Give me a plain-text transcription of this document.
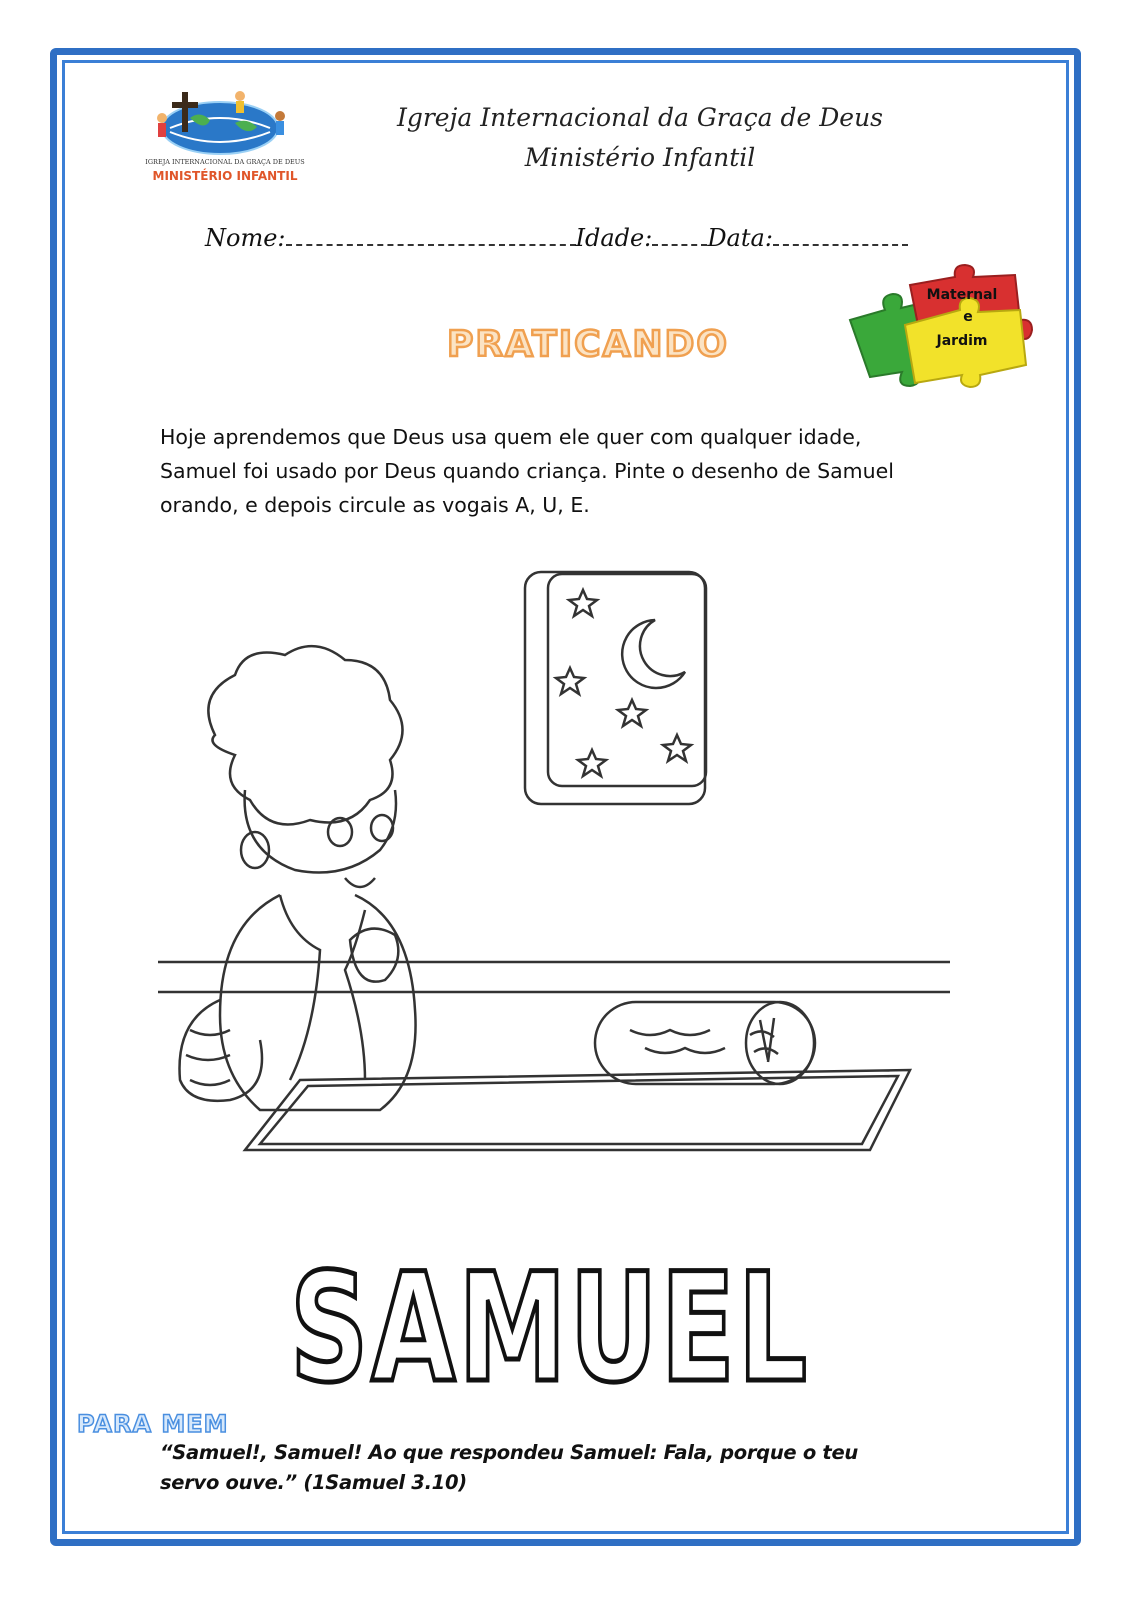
IGREJA INTERNACIONAL DA GRAÇA DE DEUS
MINISTÉRIO INFANTIL
Igreja Internacional da Graça de Deus
Ministério Infantil
Nome:	Idade: Data:
Maternal
e
Jardim
PRATICANDO
Hoje aprendemos que Deus usa quem ele quer com qualquer idade, Samuel foi usado por Deus quando criança. Pinte o desenho de Samuel orando, e depois circule as vogais A, U, E.
SAMUEL
PARA MEM
“Samuel!, Samuel! Ao que respondeu Samuel: Fala, porque o teu servo ouve.” (1Samuel 3.10)
